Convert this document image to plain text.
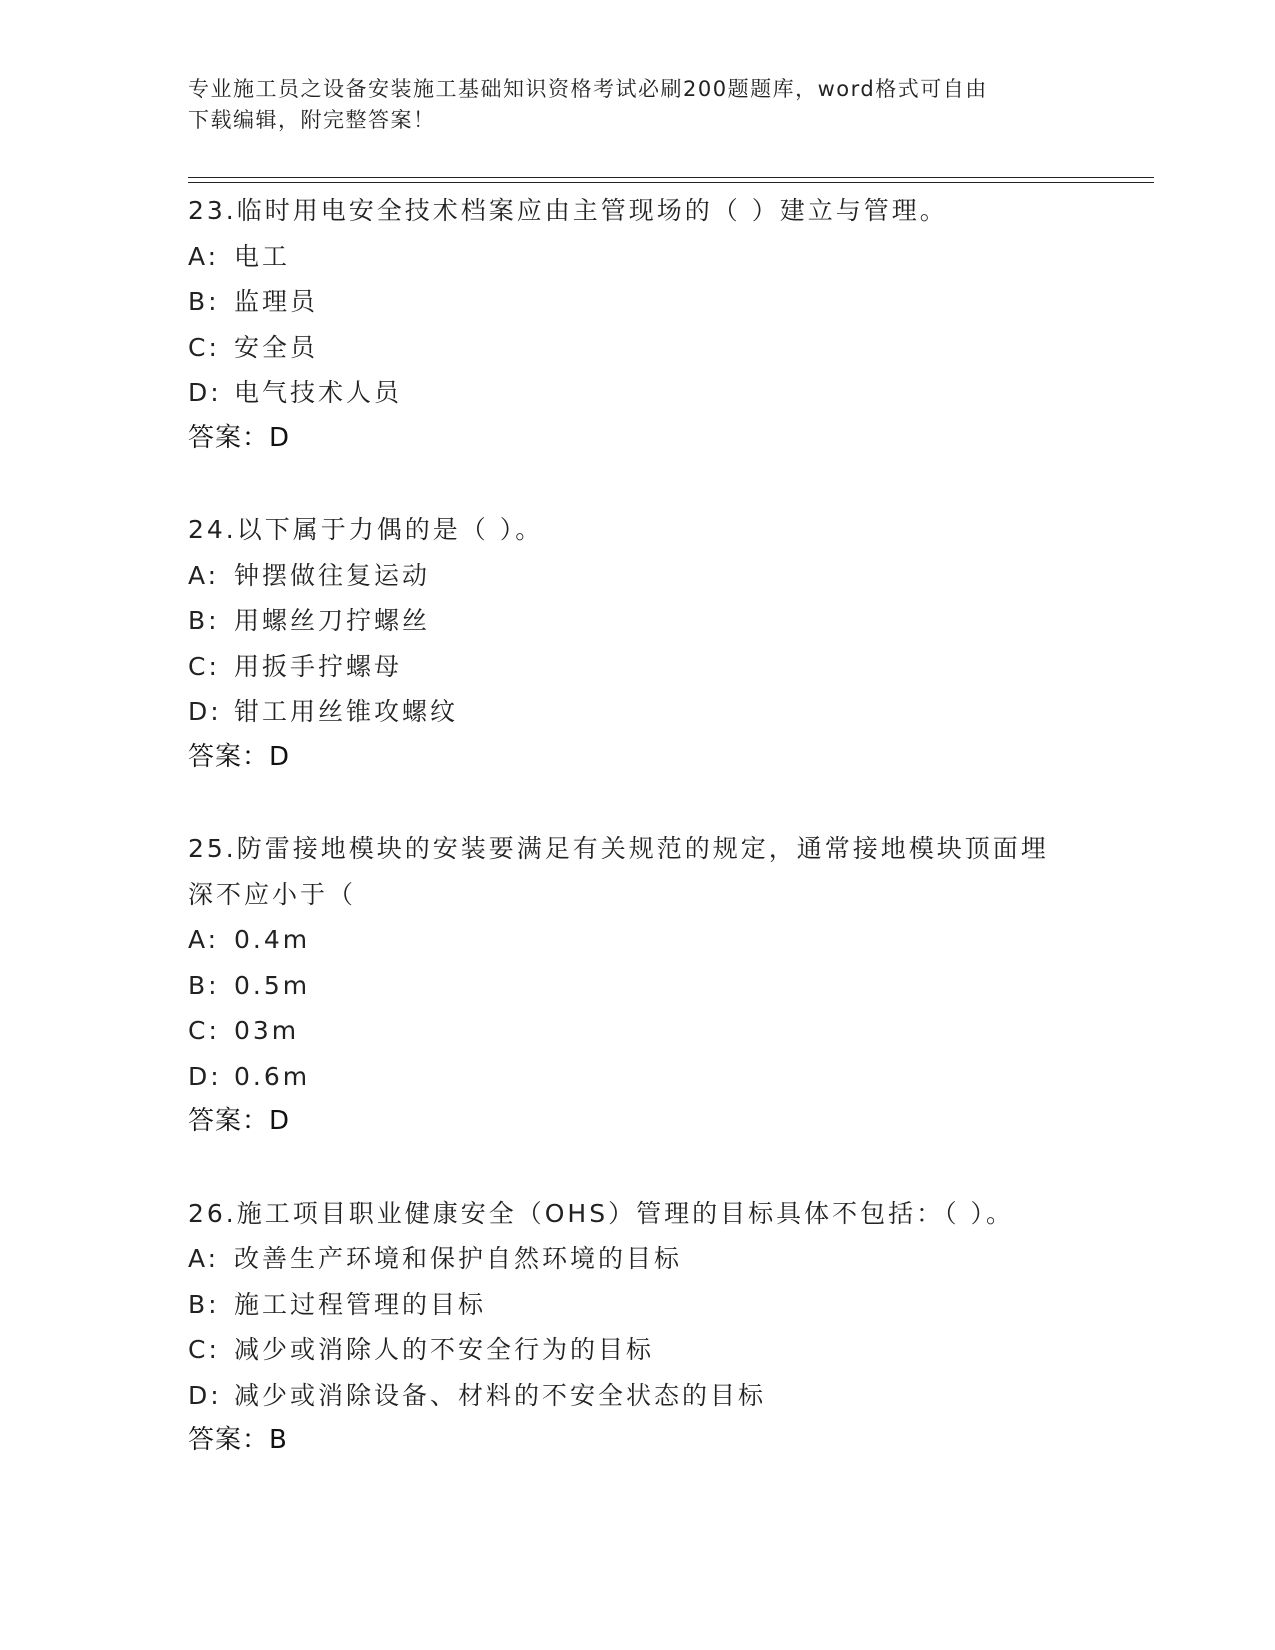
专业施工员之设备安装施工基础知识资格考试必刷200题题库，word格式可自由
下载编辑，附完整答案！
23.临时用电安全技术档案应由主管现场的（ ）建立与管理。
A: 电工
B: 监理员
C: 安全员
D: 电气技术人员
答案：D
24.以下属于力偶的是（ ）。
A: 钟摆做往复运动
B: 用螺丝刀拧螺丝
C: 用扳手拧螺母
D: 钳工用丝锥攻螺纹
答案：D
25.防雷接地模块的安装要满足有关规范的规定，通常接地模块顶面埋
深不应小于（
A: 0.4m
B: 0.5m
C: 03m
D: 0.6m
答案：D
26.施工项目职业健康安全（OHS）管理的目标具体不包括：（ ）。
A: 改善生产环境和保护自然环境的目标
B: 施工过程管理的目标
C: 减少或消除人的不安全行为的目标
D: 减少或消除设备、材料的不安全状态的目标
答案：B
